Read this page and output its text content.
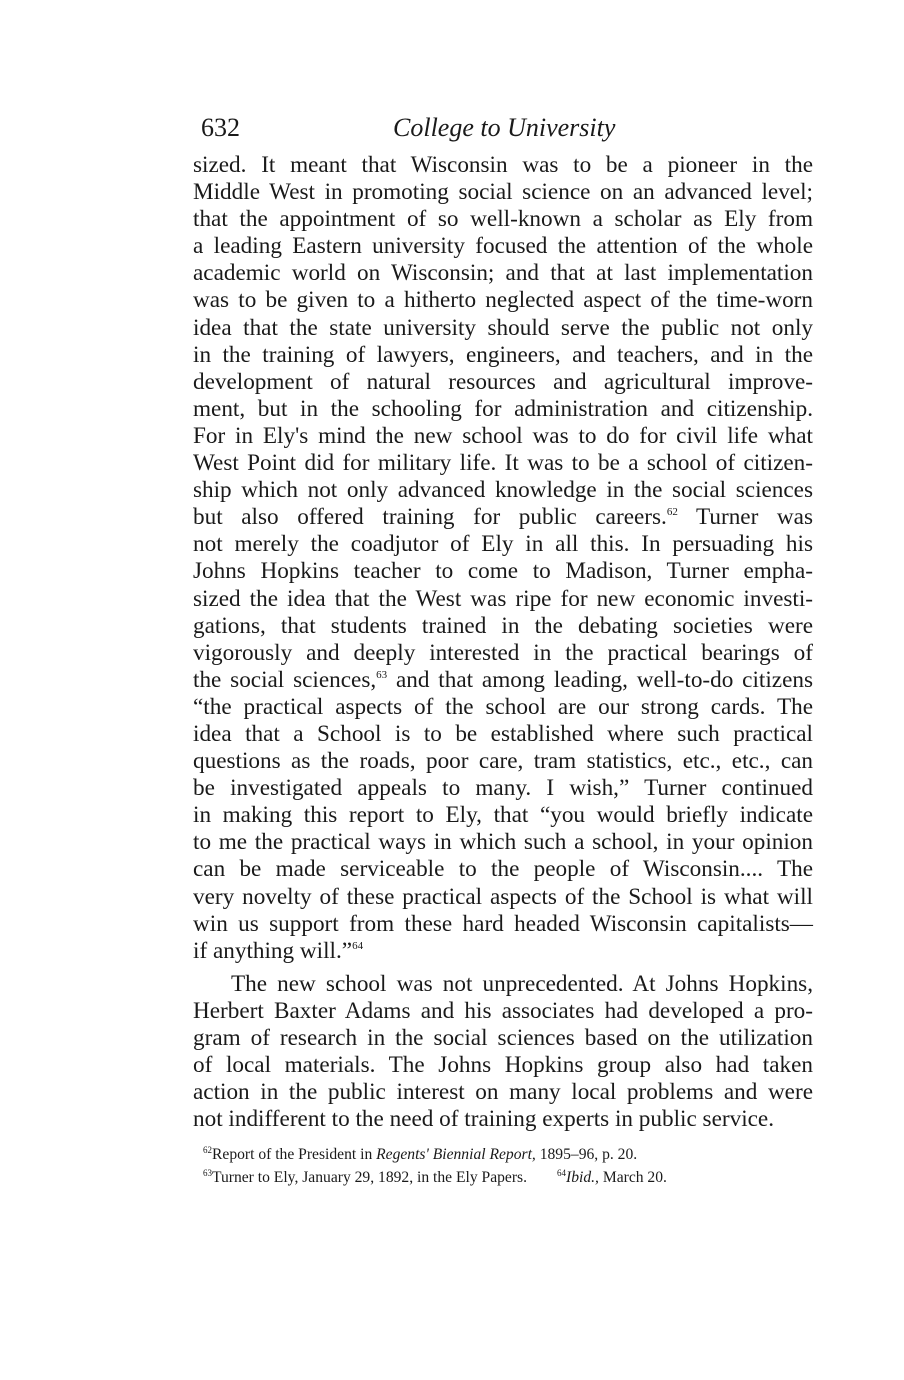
632	College to University
sized. It meant that Wisconsin was to be a pioneer in the
Middle West in promoting social science on an advanced level;
that the appointment of so well-known a scholar as Ely from
a leading Eastern university focused the attention of the whole
academic world on Wisconsin; and that at last implementation
was to be given to a hitherto neglected aspect of the time-worn
idea that the state university should serve the public not only
in the training of lawyers, engineers, and teachers, and in the
development of natural resources and agricultural improve-
ment, but in the schooling for administration and citizenship.
For in Ely's mind the new school was to do for civil life what
West Point did for military life. It was to be a school of citizen-
ship which not only advanced knowledge in the social sciences
but also offered training for public careers.$^{62}$ Turner was
not merely the coadjutor of Ely in all this. In persuading his
Johns Hopkins teacher to come to Madison, Turner empha-
sized the idea that the West was ripe for new economic investi-
gations, that students trained in the debating societies were
vigorously and deeply interested in the practical bearings of
the social sciences,$^{63}$ and that among leading, well-to-do citizens
“the practical aspects of the school are our strong cards. The
idea that a School is to be established where such practical
questions as the roads, poor care, tram statistics, etc., etc., can
be investigated appeals to many. I wish,” Turner continued
in making this report to Ely, that “you would briefly indicate
to me the practical ways in which such a school, in your opinion
can be made serviceable to the people of Wisconsin.... The
very novelty of these practical aspects of the School is what will
win us support from these hard headed Wisconsin capitalists—
if anything will.”$^{64}$
The new school was not unprecedented. At Johns Hopkins,
Herbert Baxter Adams and his associates had developed a pro-
gram of research in the social sciences based on the utilization
of local materials. The Johns Hopkins group also had taken
action in the public interest on many local problems and were
not indifferent to the need of training experts in public service.
$^{62}$Report of the President in Regents' Biennial Report, 1895–96, p. 20.
$^{63}$Turner to Ely, January 29, 1892, in the Ely Papers.	$^{64}$Ibid., March 20.
